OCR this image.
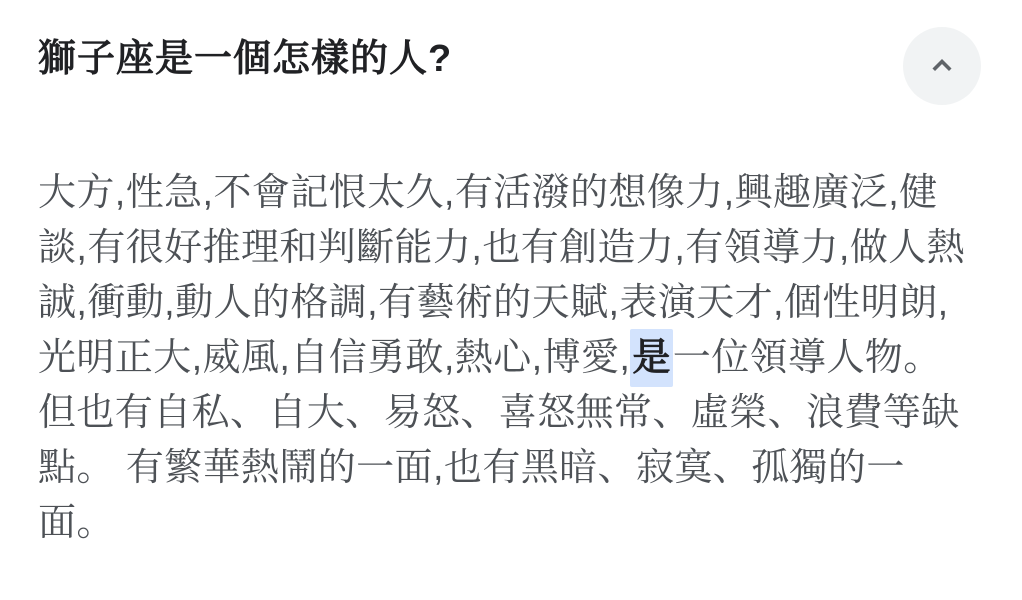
獅子座是一個怎樣的人?

大方,性急,不會記恨太久,有活潑的想像力,興趣廣泛,健談,有很好推理和判斷能力,也有創造力,有領導力,做人熱誠,衝動,動人的格調,有藝術的天賦,表演天才,個性明朗,光明正大,威風,自信勇敢,熱心,博愛,是一位領導人物。 但也有自私、自大、易怒、喜怒無常、虛榮、浪費等缺點。 有繁華熱鬧的一面,也有黑暗、寂寞、孤獨的一面。
